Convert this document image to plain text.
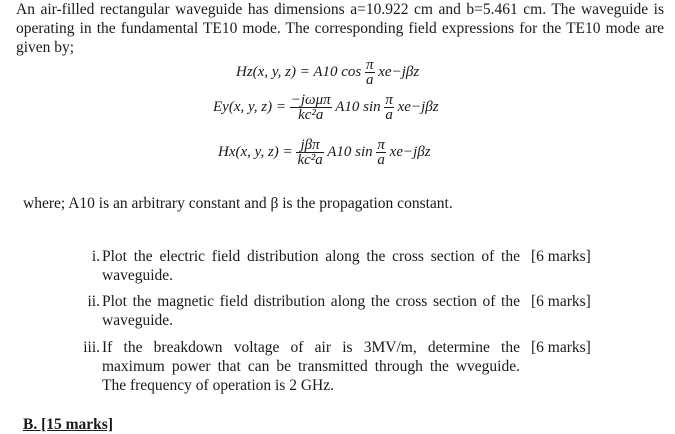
An air-filled rectangular waveguide has dimensions a=10.922 cm and b=5.461 cm. The waveguide is operating in the fundamental TE10 mode. The corresponding field expressions for the TE10 mode are given by;
Hz(x, y, z) = A10 $\cos \frac{\pi}{a} xe-j\beta z$
Ey(x, y, $z) = \frac{\text{−jωμπ}}{\text{kc²a}} A10$ $\sin \frac{\pi}{a} xe-j\beta z$
Hx(x, y, $z) = \frac{\text{jβπ}}{\text{kc²a}} A10$ $\sin \frac{\pi}{a} xe-j\beta z$
where; A10 is an arbitrary constant and β is the propagation constant.
i. Plot the electric field distribution along the cross section of the waveguide.
[6 marks]
ii. Plot the magnetic field distribution along the cross section of the waveguide.
[6 marks]
iii. If the breakdown voltage of air is 3MV/m, determine the maximum power that can be transmitted through the wveguide. The frequency of operation is 2 GHz.
[6 marks]
B. [15 marks]
